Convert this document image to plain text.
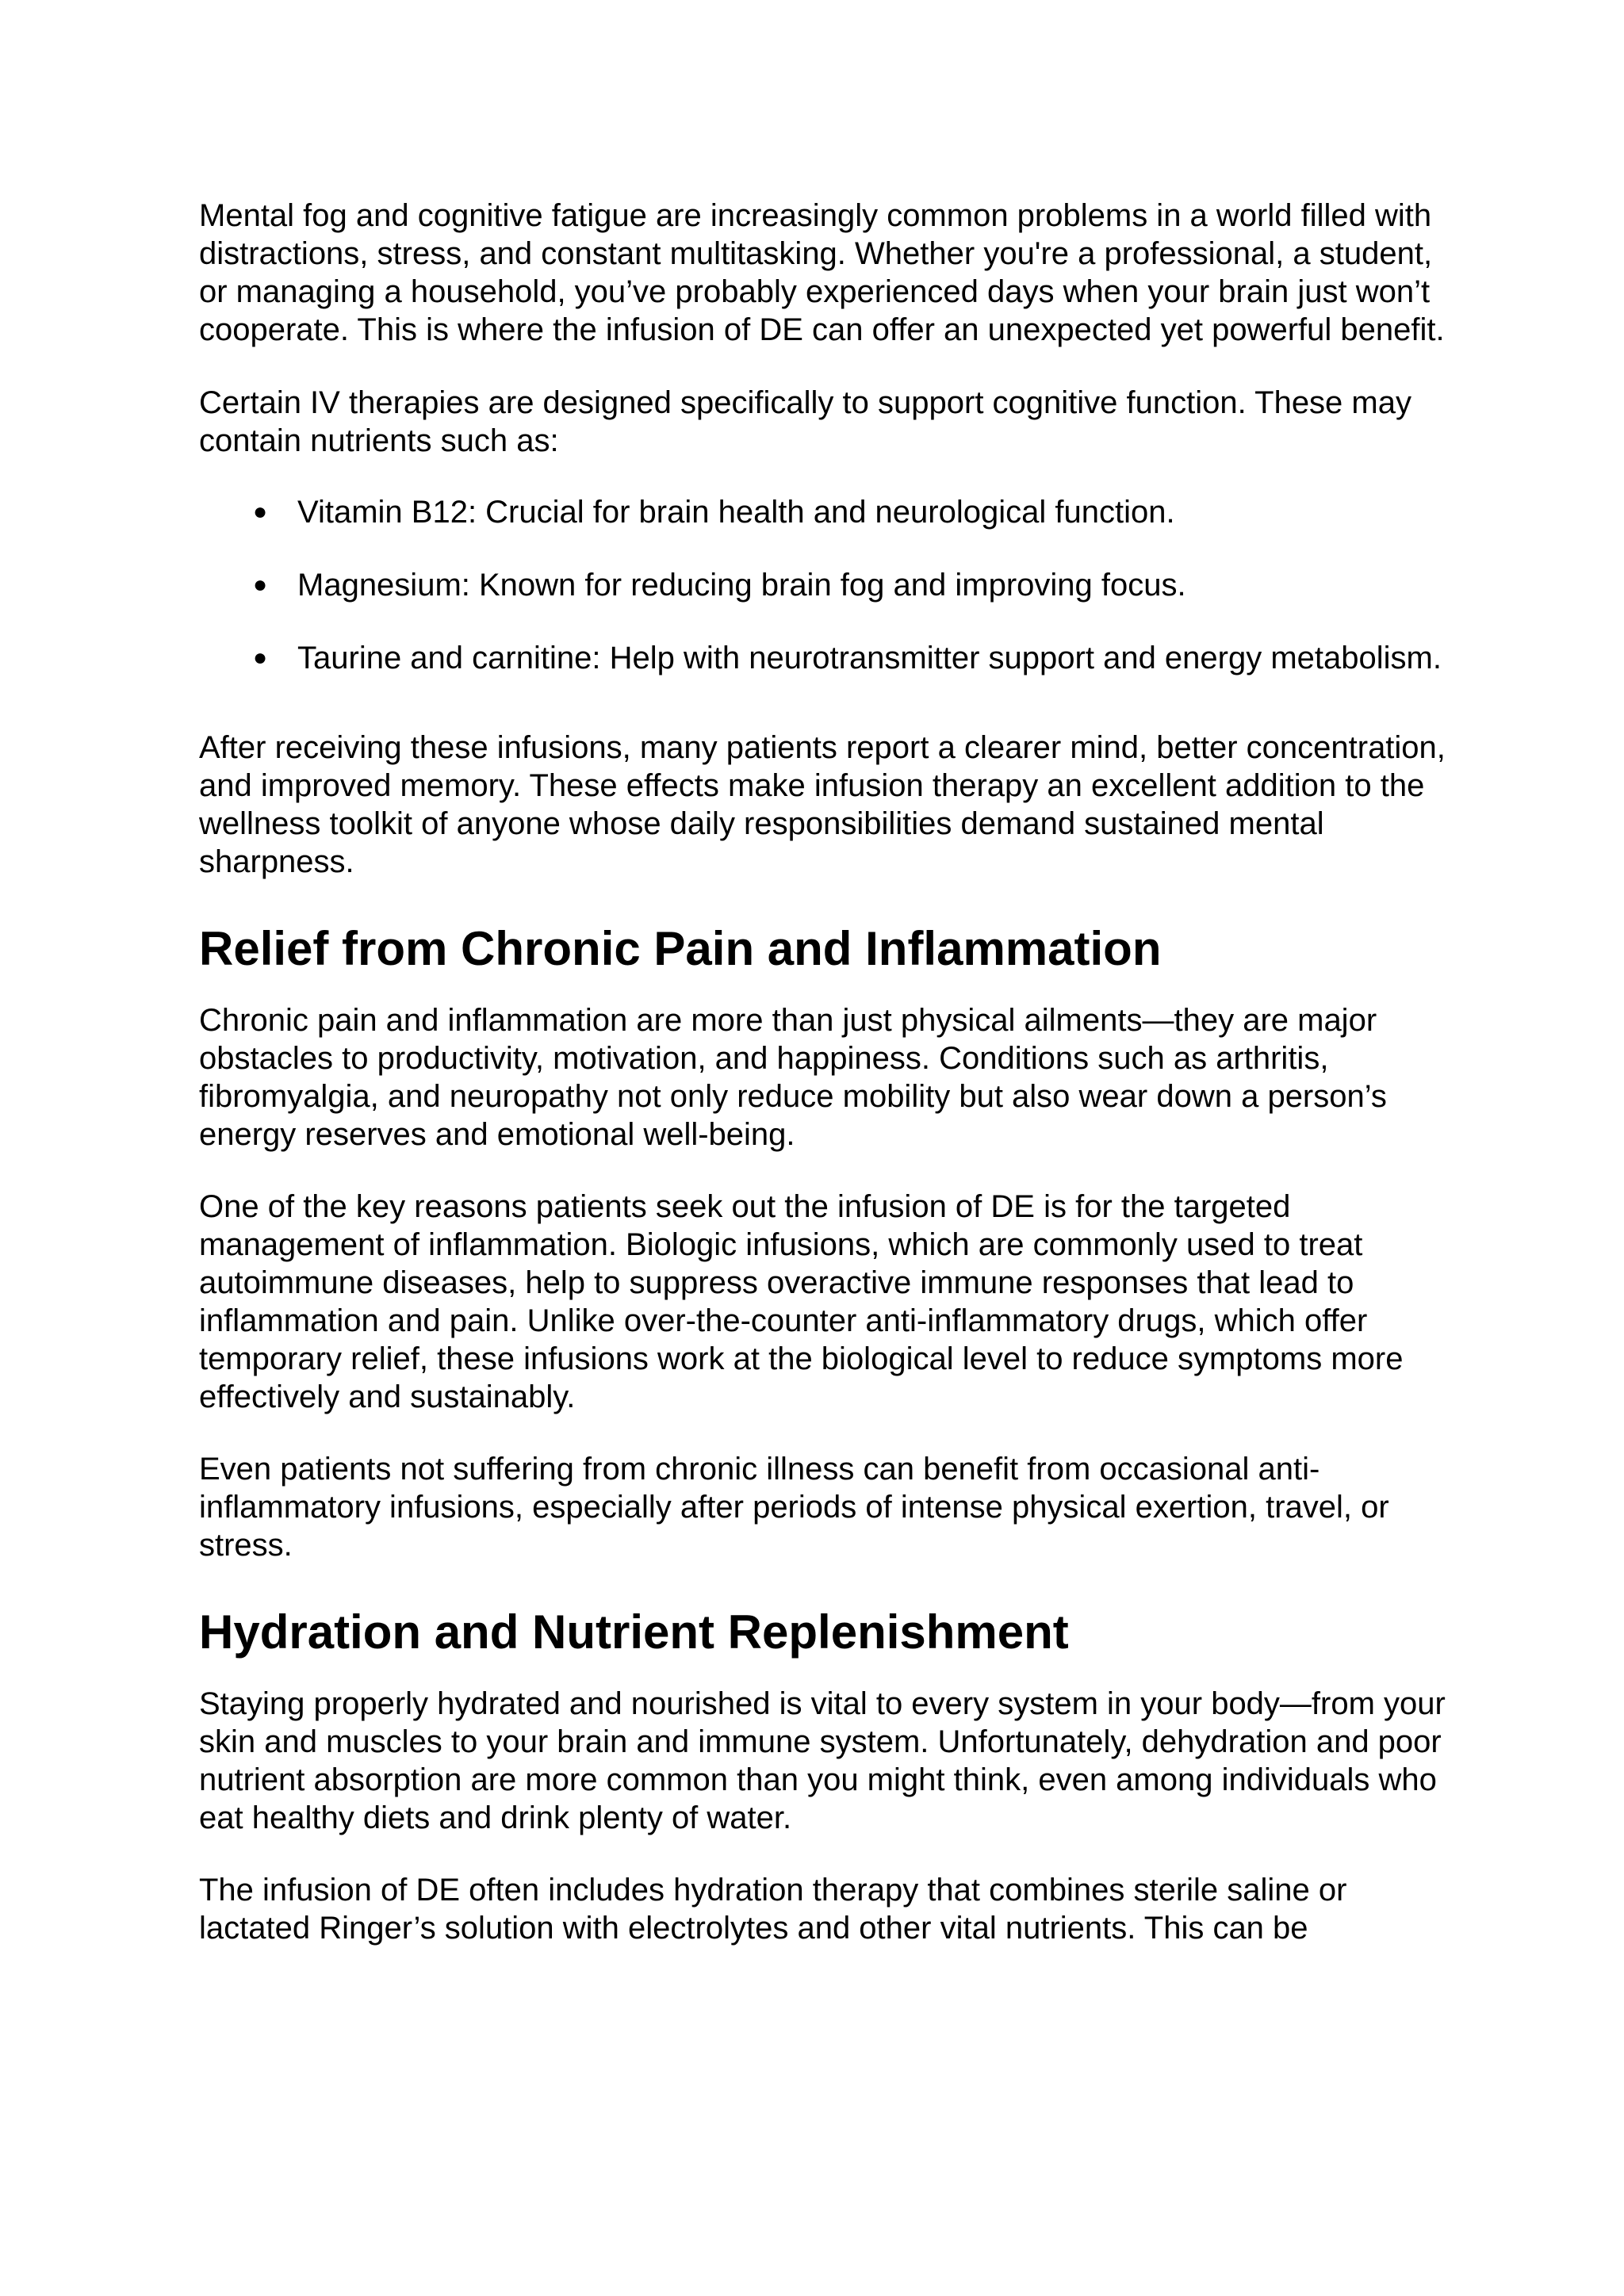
Mental fog and cognitive fatigue are increasingly common problems in a world filled with distractions, stress, and constant multitasking. Whether you're a professional, a student, or managing a household, you’ve probably experienced days when your brain just won’t cooperate. This is where the infusion of DE can offer an unexpected yet powerful benefit.

Certain IV therapies are designed specifically to support cognitive function. These may contain nutrients such as:

● Vitamin B12: Crucial for brain health and neurological function.
● Magnesium: Known for reducing brain fog and improving focus.
● Taurine and carnitine: Help with neurotransmitter support and energy metabolism.

After receiving these infusions, many patients report a clearer mind, better concentration, and improved memory. These effects make infusion therapy an excellent addition to the wellness toolkit of anyone whose daily responsibilities demand sustained mental sharpness.

Relief from Chronic Pain and Inflammation

Chronic pain and inflammation are more than just physical ailments—they are major obstacles to productivity, motivation, and happiness. Conditions such as arthritis, fibromyalgia, and neuropathy not only reduce mobility but also wear down a person’s energy reserves and emotional well-being.

One of the key reasons patients seek out the infusion of DE is for the targeted management of inflammation. Biologic infusions, which are commonly used to treat autoimmune diseases, help to suppress overactive immune responses that lead to inflammation and pain. Unlike over-the-counter anti-inflammatory drugs, which offer temporary relief, these infusions work at the biological level to reduce symptoms more effectively and sustainably.

Even patients not suffering from chronic illness can benefit from occasional anti-inflammatory infusions, especially after periods of intense physical exertion, travel, or stress.

Hydration and Nutrient Replenishment

Staying properly hydrated and nourished is vital to every system in your body—from your skin and muscles to your brain and immune system. Unfortunately, dehydration and poor nutrient absorption are more common than you might think, even among individuals who eat healthy diets and drink plenty of water.

The infusion of DE often includes hydration therapy that combines sterile saline or lactated Ringer’s solution with electrolytes and other vital nutrients. This can be
